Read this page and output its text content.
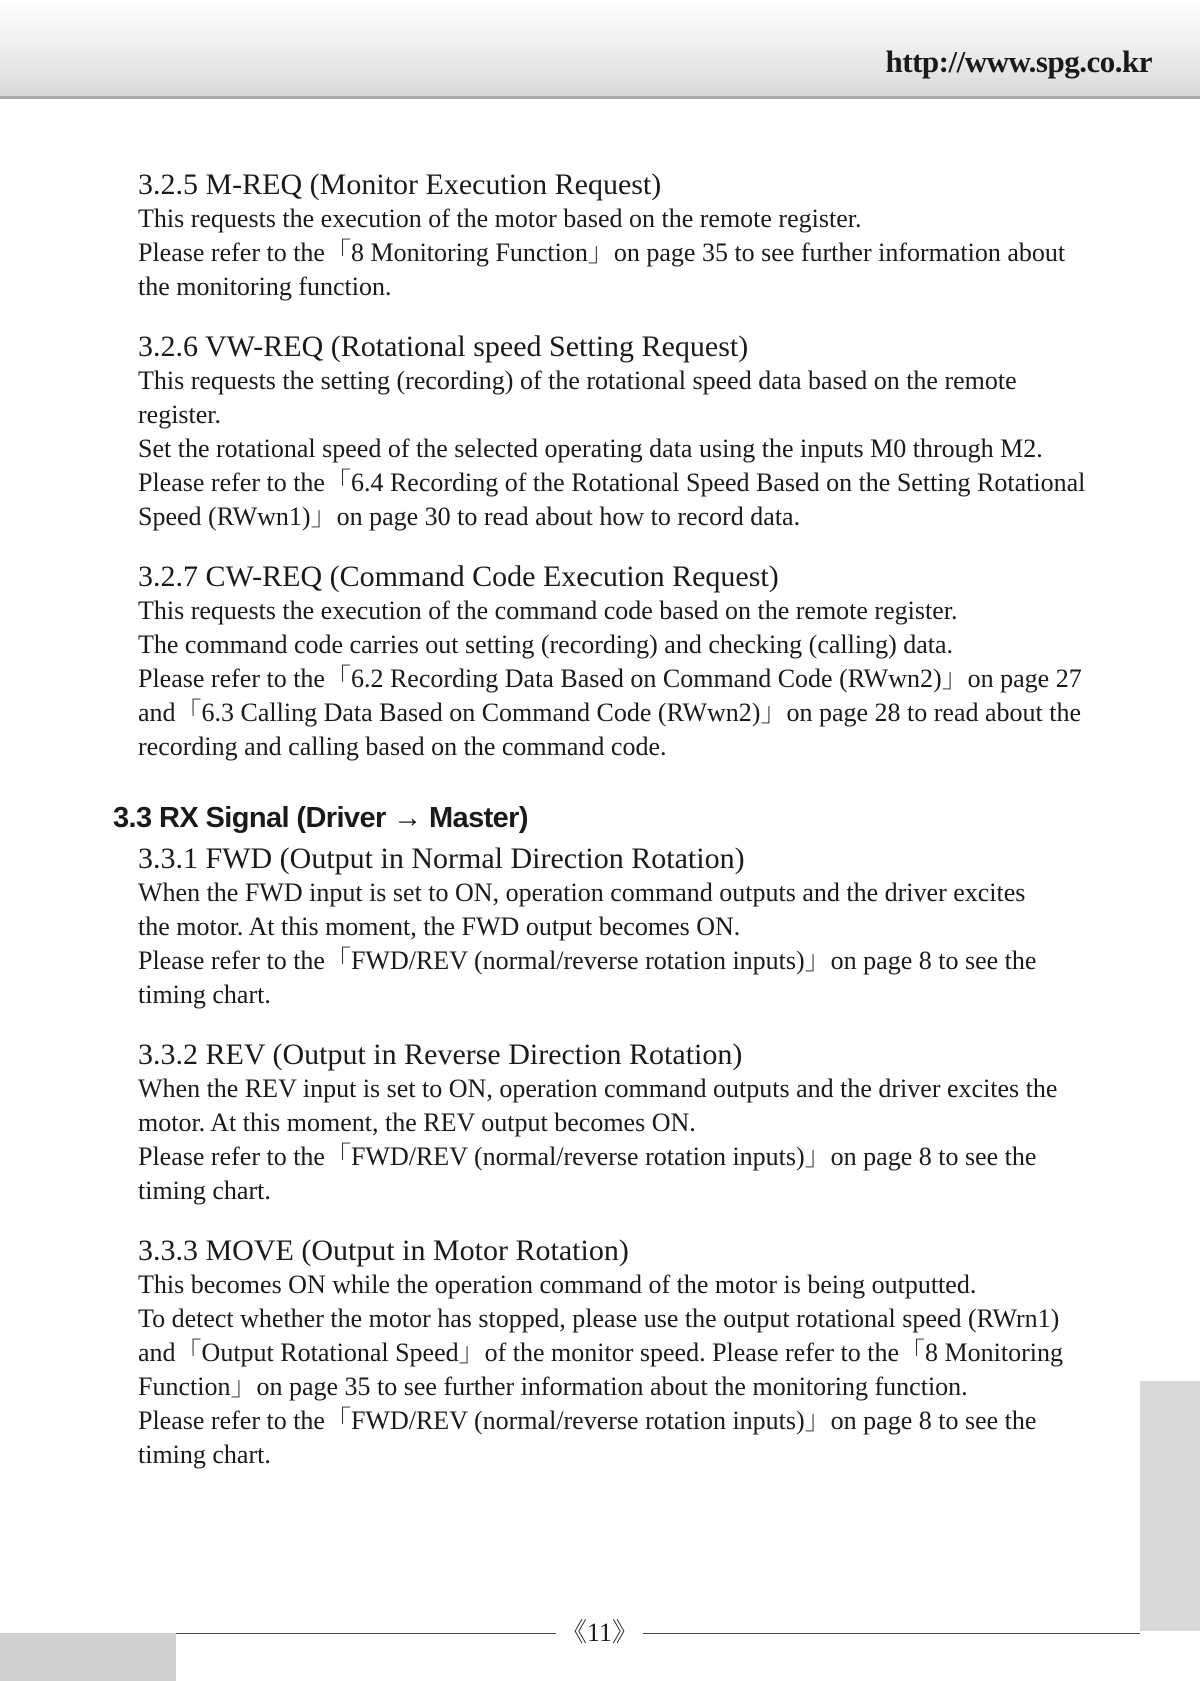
http://www.spg.co.kr
3.2.5 M-REQ (Monitor Execution Request)

This requests the execution of the motor based on the remote register.

Please refer to the「8 Monitoring Function」on page 35 to see further information about

the monitoring function.

3.2.6 VW-REQ (Rotational speed Setting Request)

This requests the setting (recording) of the rotational speed data based on the remote

register.

Set the rotational speed of the selected operating data using the inputs M0 through M2.

Please refer to the「6.4 Recording of the Rotational Speed Based on the Setting Rotational

Speed (RWwn1)」on page 30 to read about how to record data.

3.2.7 CW-REQ (Command Code Execution Request)

This requests the execution of the command code based on the remote register.

The command code carries out setting (recording) and checking (calling) data.

Please refer to the「6.2 Recording Data Based on Command Code (RWwn2)」on page 27

and「6.3 Calling Data Based on Command Code (RWwn2)」on page 28 to read about the

recording and calling based on the command code.

3.3 RX Signal (Driver → Master)
3.3.1 FWD (Output in Normal Direction Rotation)

When the FWD input is set to ON, operation command outputs and the driver excites

the motor. At this moment, the FWD output becomes ON.

Please refer to the「FWD/REV (normal/reverse rotation inputs)」on page 8 to see the

timing chart.

3.3.2 REV (Output in Reverse Direction Rotation)

When the REV input is set to ON, operation command outputs and the driver excites the

motor. At this moment, the REV output becomes ON.

Please refer to the「FWD/REV (normal/reverse rotation inputs)」on page 8 to see the

timing chart.

3.3.3 MOVE (Output in Motor Rotation)

This becomes ON while the operation command of the motor is being outputted.

To detect whether the motor has stopped, please use the output rotational speed (RWrn1)

and「Output Rotational Speed」of the monitor speed. Please refer to the「8 Monitoring

Function」on page 35 to see further information about the monitoring function.

Please refer to the「FWD/REV (normal/reverse rotation inputs)」on page 8 to see the

timing chart.

《11》
